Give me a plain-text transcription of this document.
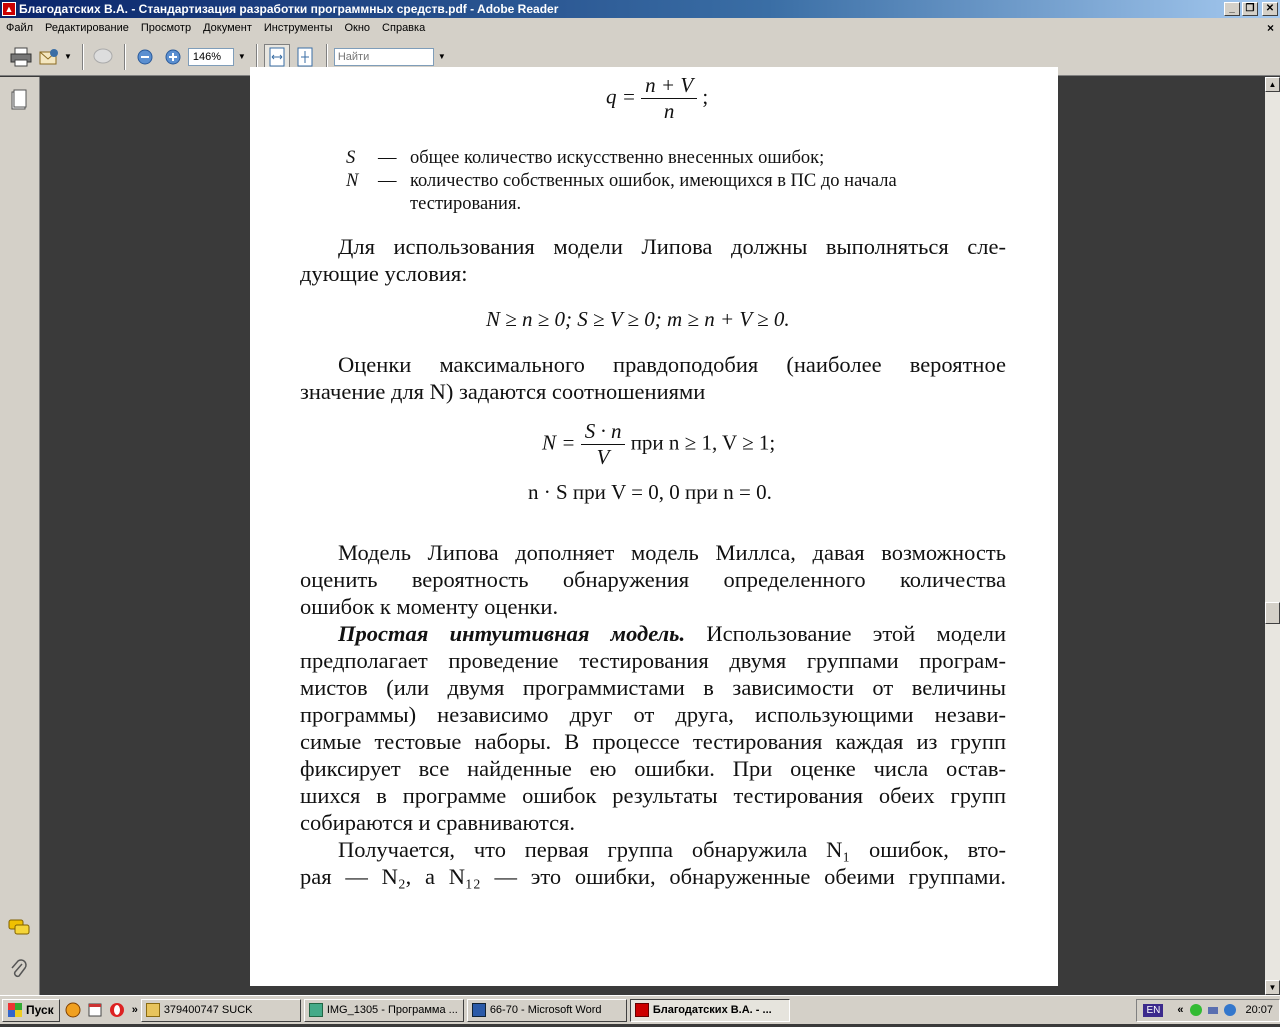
▲ Благодатских В.А. - Стандартизация разработки программных средств.pdf - Adobe Reader	_	❐	✕
Файл	Редактирование	Просмотр	Документ	Инструменты	Окно	Справка	×
▼	146%	▼
Найти	▼
$q = \frac{n + V}{n}$ ;
S — общее количество искусственно внесенных ошибок;
N — количество собственных ошибок, имеющихся в ПС до начала
тестирования.
Для использования модели Липова должны выполняться сле-
дующие условия:
N ≥ n ≥ 0; S ≥ V ≥ 0; m ≥ n + V ≥ 0.
Оценки максимального правдоподобия (наиболее вероятное
значение для N) задаются соотношениями
$N = \frac{S \cdot n}{V}$ при n ≥ 1, V ≥ 1;
n · S при V = 0, 0 при n = 0.
Модель Липова дополняет модель Миллса, давая возможность
оценить вероятность обнаружения определенного количества
ошибок к моменту оценки.
Простая интуитивная модель. Использование этой модели
предполагает проведение тестирования двумя группами програм-
мистов (или двумя программистами в зависимости от величины
программы) независимо друг от друга, использующими незави-
симые тестовые наборы. В процессе тестирования каждая из групп
фиксирует все найденные ею ошибки. При оценке числа остав-
шихся в программе ошибок результаты тестирования обеих групп
собираются и сравниваются.
Получается, что первая группа обнаружила N₁ ошибок, вто-
рая — N₂, а N₁₂ — это ошибки, обнаруженные обеими группами.
▲
▼
Пуск	» 379400747 SUCK	IMG_1305 - Программа ...	66-70 - Microsoft Word	Благодатских В.А. - ...	EN «	20:07
